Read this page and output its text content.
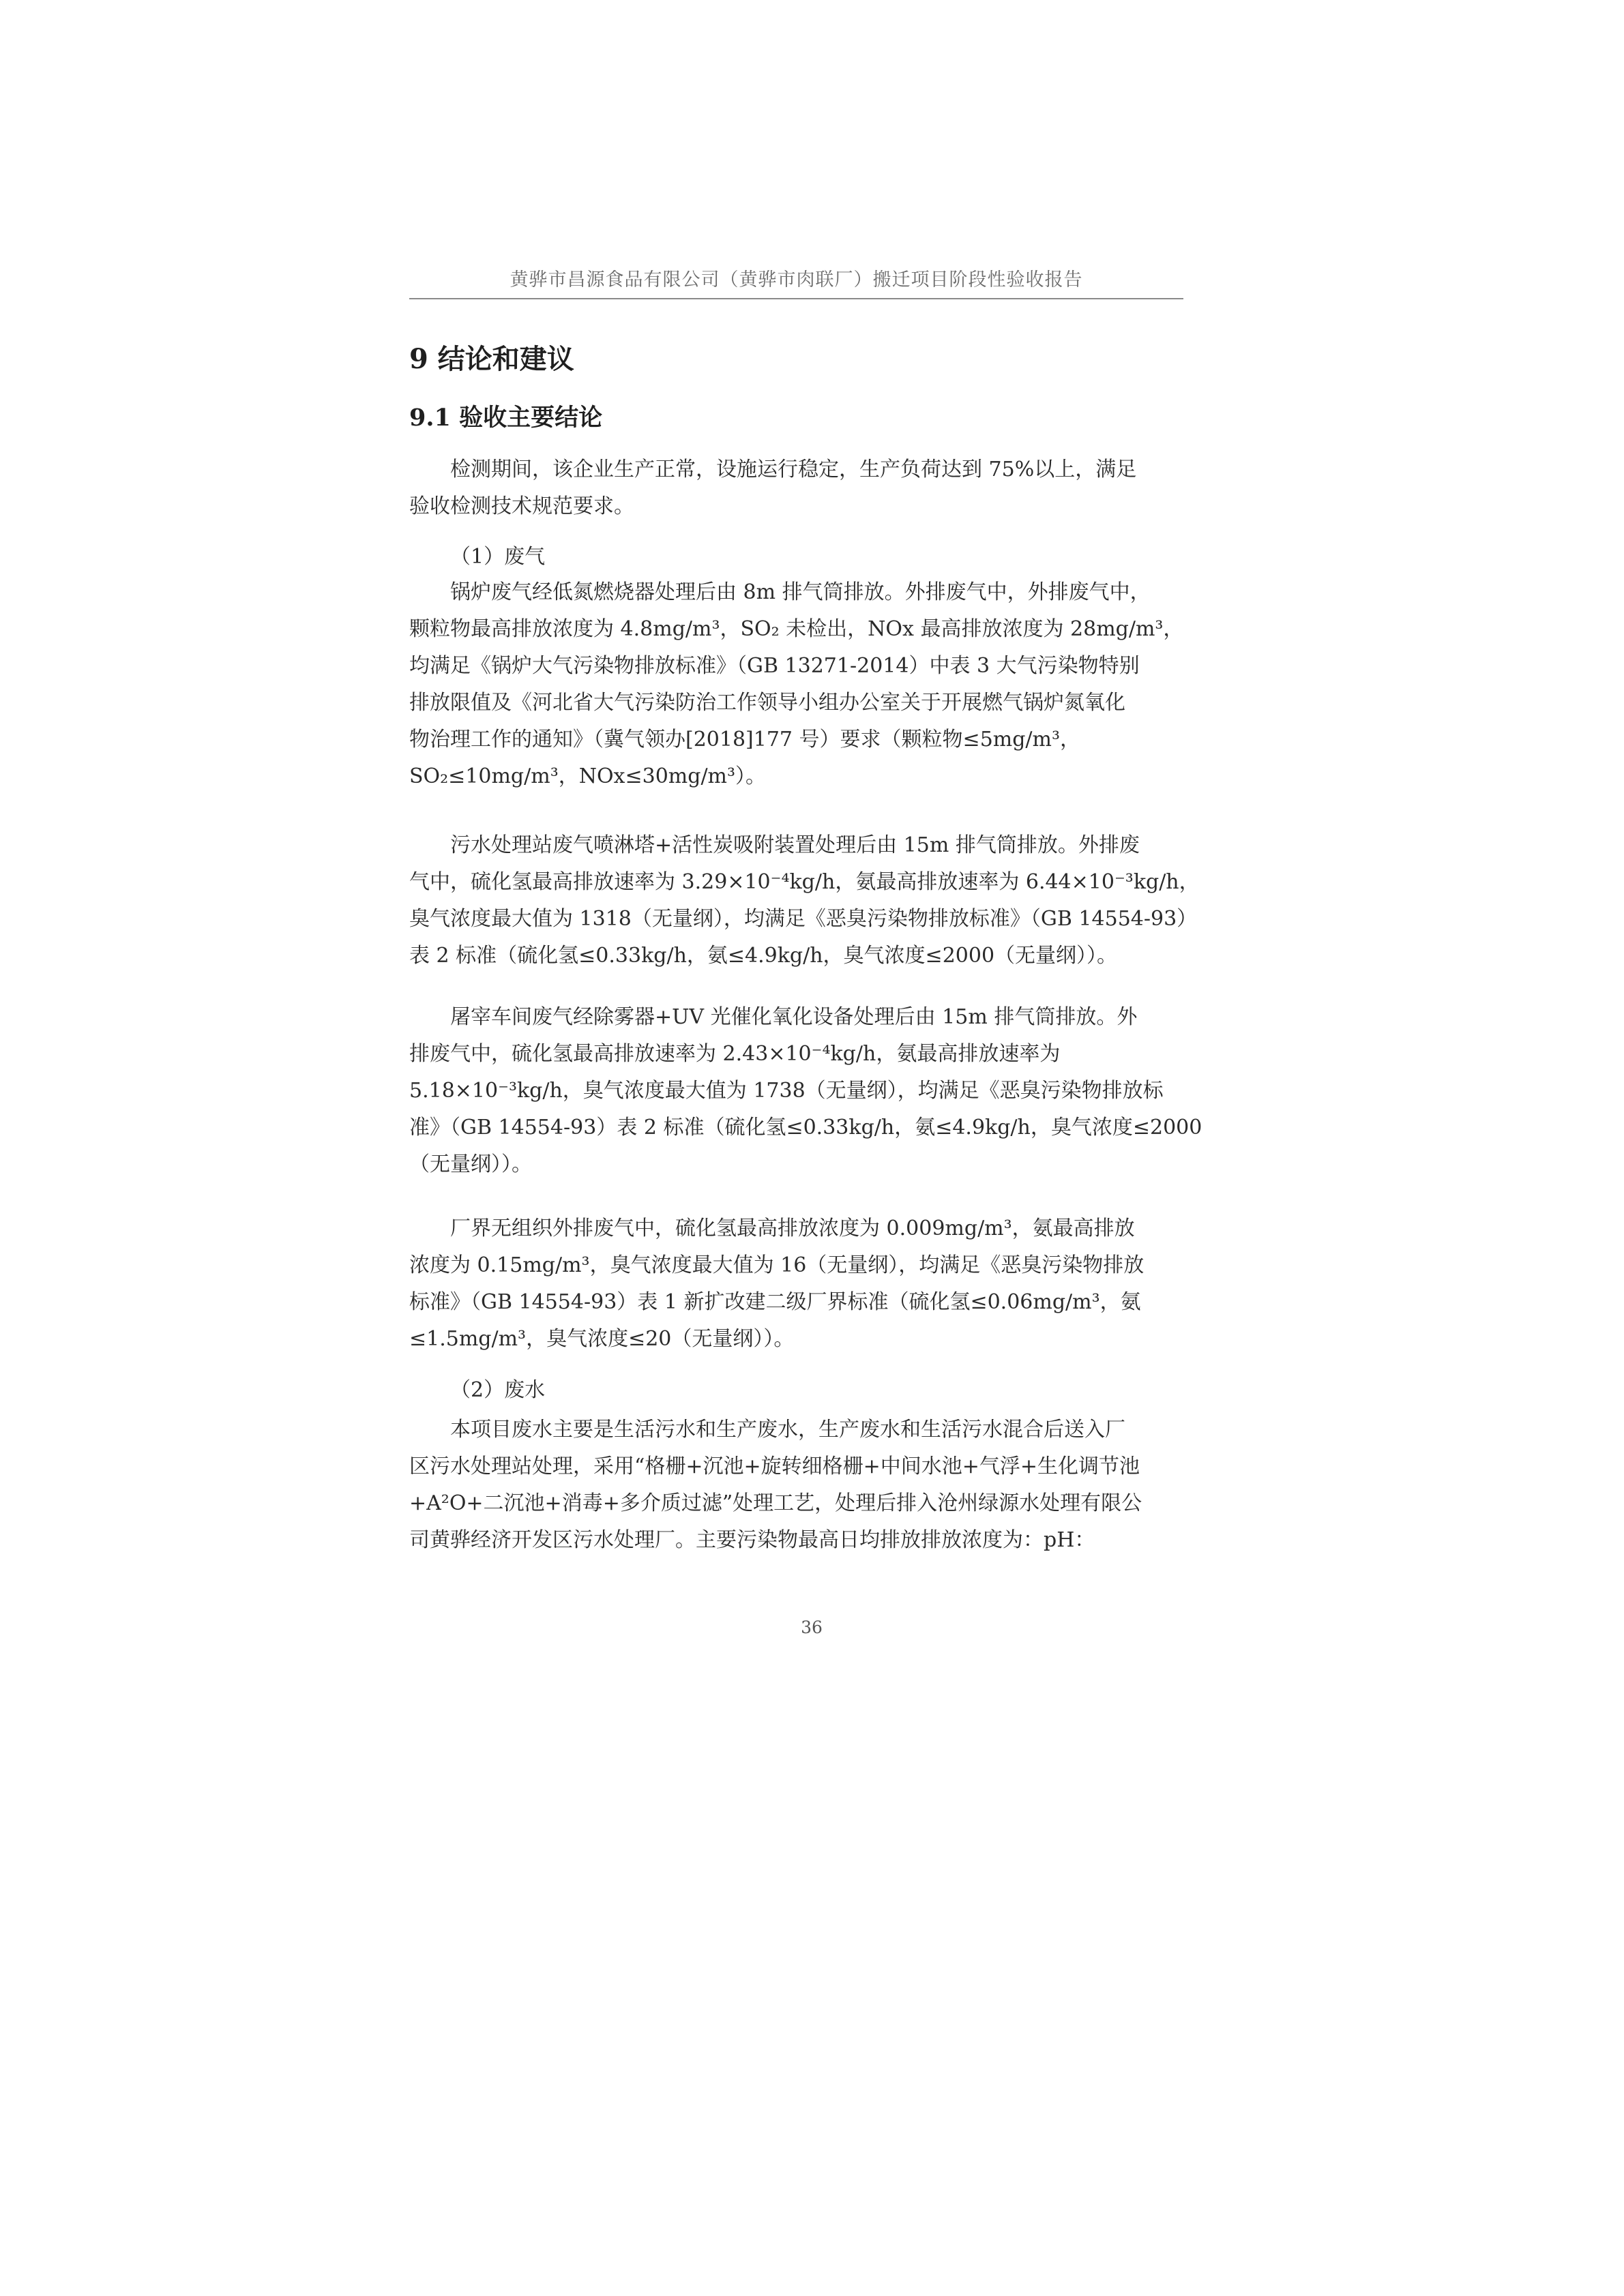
黄骅市昌源食品有限公司（黄骅市肉联厂）搬迁项目阶段性验收报告
9 结论和建议
9.1 验收主要结论
检测期间，该企业生产正常，设施运行稳定，生产负荷达到 75%以上，满足
验收检测技术规范要求。
（1）废气
锅炉废气经低氮燃烧器处理后由 8m 排气筒排放。外排废气中，外排废气中，
颗粒物最高排放浓度为 4.8mg/m³，SO₂ 未检出，NOx 最高排放浓度为 28mg/m³，
均满足《锅炉大气污染物排放标准》（GB 13271-2014）中表 3 大气污染物特别
排放限值及《河北省大气污染防治工作领导小组办公室关于开展燃气锅炉氮氧化
物治理工作的通知》（冀气领办[2018]177 号）要求（颗粒物≤5mg/m³，
SO₂≤10mg/m³，NOx≤30mg/m³）。
污水处理站废气喷淋塔+活性炭吸附装置处理后由 15m 排气筒排放。外排废
气中，硫化氢最高排放速率为 3.29×10⁻⁴kg/h，氨最高排放速率为 6.44×10⁻³kg/h，
臭气浓度最大值为 1318（无量纲），均满足《恶臭污染物排放标准》（GB 14554-93）
表 2 标准（硫化氢≤0.33kg/h，氨≤4.9kg/h，臭气浓度≤2000（无量纲））。
屠宰车间废气经除雾器+UV 光催化氧化设备处理后由 15m 排气筒排放。外
排废气中，硫化氢最高排放速率为 2.43×10⁻⁴kg/h，氨最高排放速率为
5.18×10⁻³kg/h，臭气浓度最大值为 1738（无量纲），均满足《恶臭污染物排放标
准》（GB 14554-93）表 2 标准（硫化氢≤0.33kg/h，氨≤4.9kg/h，臭气浓度≤2000
（无量纲））。
厂界无组织外排废气中，硫化氢最高排放浓度为 0.009mg/m³，氨最高排放
浓度为 0.15mg/m³，臭气浓度最大值为 16（无量纲），均满足《恶臭污染物排放
标准》（GB 14554-93）表 1 新扩改建二级厂界标准（硫化氢≤0.06mg/m³，氨
≤1.5mg/m³，臭气浓度≤20（无量纲））。
（2）废水
本项目废水主要是生活污水和生产废水，生产废水和生活污水混合后送入厂
区污水处理站处理，采用“格栅+沉池+旋转细格栅+中间水池+气浮+生化调节池
+A²O+二沉池+消毒+多介质过滤”处理工艺，处理后排入沧州绿源水处理有限公
司黄骅经济开发区污水处理厂。主要污染物最高日均排放排放浓度为：pH：
36
